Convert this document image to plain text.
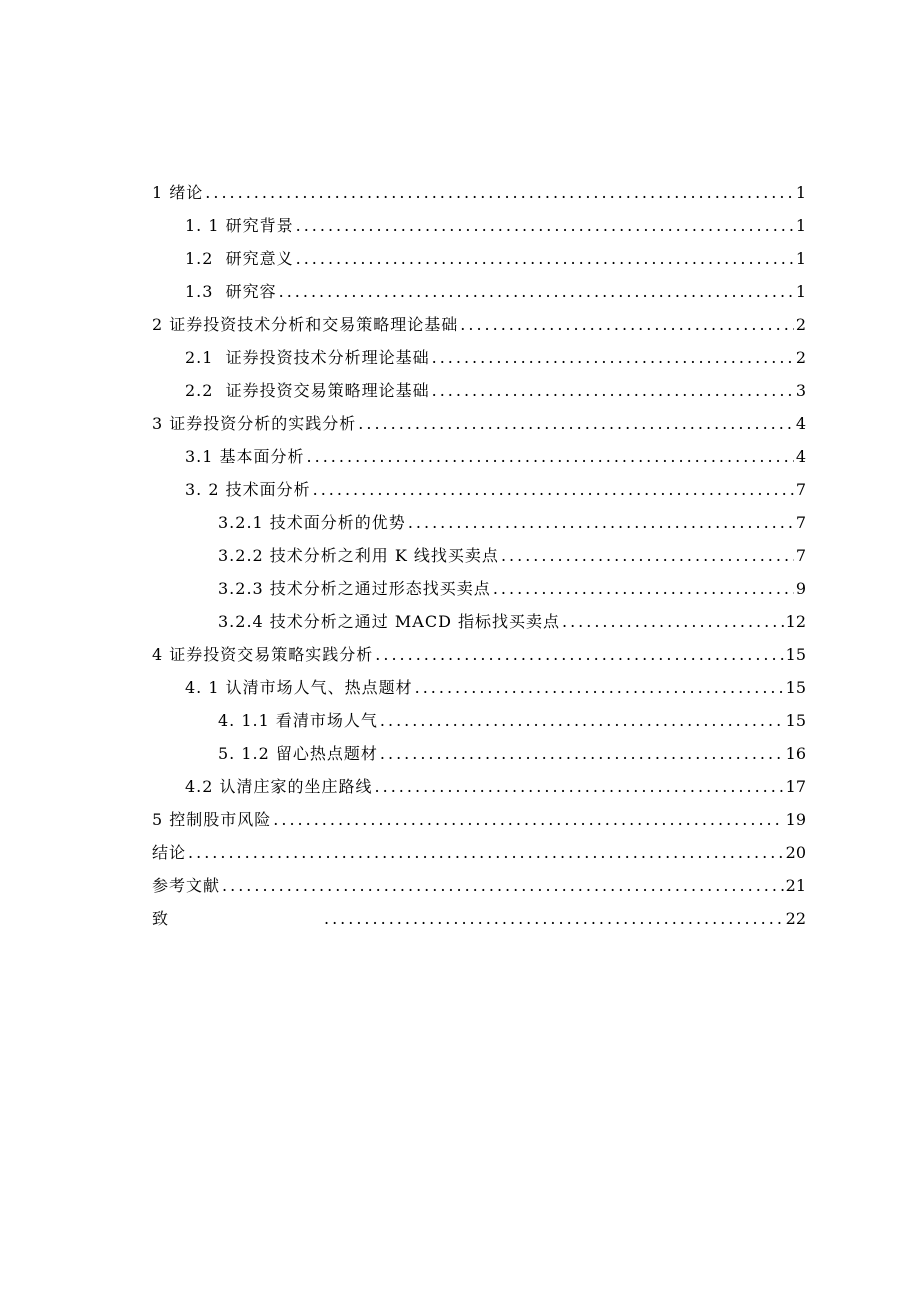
1 绪论 .....	1
1. 1 研究背景 .....	1
1.2  研究意义 .....	1
1.3  研究容 .....	1
2 证券投资技术分析和交易策略理论基础 .....	2
2.1  证券投资技术分析理论基础 .....	2
2.2  证券投资交易策略理论基础 .....	3
3 证券投资分析的实践分析 .....	4
3.1 基本面分析 .....	4
3. 2 技术面分析 .....	7
3.2.1 技术面分析的优势 .....	7
3.2.2 技术分析之利用 K 线找买卖点 .....	7
3.2.3 技术分析之通过形态找买卖点 .....	9
3.2.4 技术分析之通过 MACD 指标找买卖点 .....	12
4 证券投资交易策略实践分析 .....	15
4. 1 认清市场人气、热点题材 .....	15
4. 1.1 看清市场人气 .....	15
5. 1.2 留心热点题材 .....	16
4.2 认清庄家的坐庄路线 .....	17
5 控制股市风险 .....	19
结论 .....	20
参考文献 .....	21
致 .....	22
